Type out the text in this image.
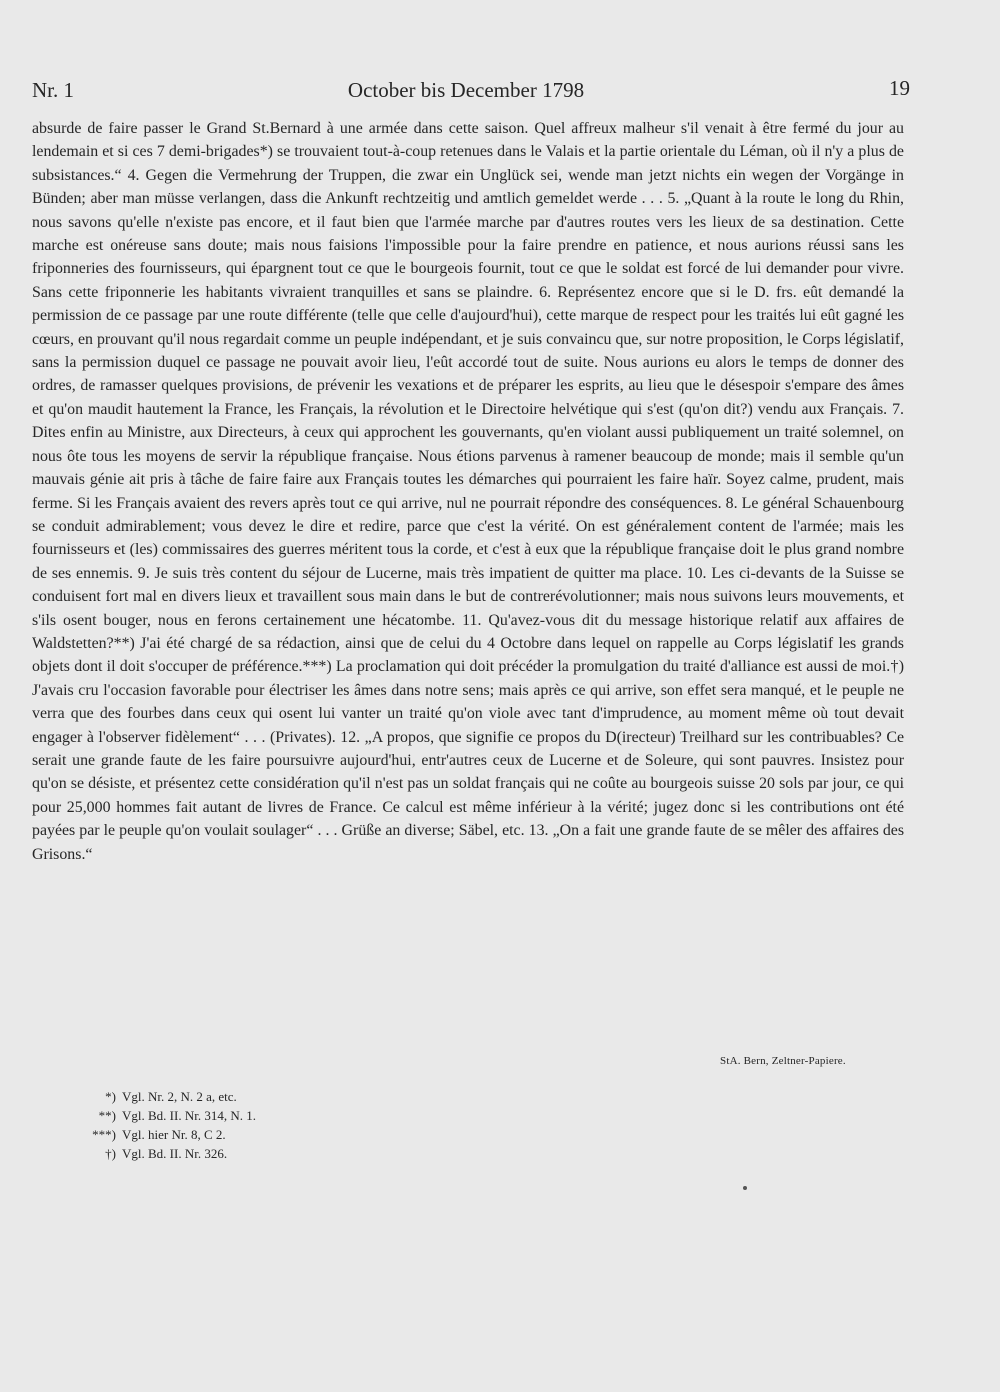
Nr. 1	October bis December 1798	19
absurde de faire passer le Grand St.Bernard à une armée dans cette saison. Quel affreux malheur s'il venait à être fermé du jour au lendemain et si ces 7 demi-brigades*) se trouvaient tout-à-coup retenues dans le Valais et la partie orientale du Léman, où il n'y a plus de subsistances.“ 4. Gegen die Vermehrung der Truppen, die zwar ein Unglück sei, wende man jetzt nichts ein wegen der Vorgänge in Bünden; aber man müsse verlangen, dass die Ankunft rechtzeitig und amtlich gemeldet werde . . . 5. „Quant à la route le long du Rhin, nous savons qu'elle n'existe pas encore, et il faut bien que l'armée marche par d'autres routes vers les lieux de sa destination. Cette marche est onéreuse sans doute; mais nous faisions l'impossible pour la faire prendre en patience, et nous aurions réussi sans les friponneries des fournisseurs, qui épargnent tout ce que le bourgeois fournit, tout ce que le soldat est forcé de lui demander pour vivre. Sans cette friponnerie les habitants vivraient tranquilles et sans se plaindre. 6. Représentez encore que si le D. frs. eût demandé la permission de ce passage par une route différente (telle que celle d'aujourd'hui), cette marque de respect pour les traités lui eût gagné les cœurs, en prouvant qu'il nous regardait comme un peuple indépendant, et je suis convaincu que, sur notre proposition, le Corps législatif, sans la permission duquel ce passage ne pouvait avoir lieu, l'eût accordé tout de suite. Nous aurions eu alors le temps de donner des ordres, de ramasser quelques provisions, de prévenir les vexations et de préparer les esprits, au lieu que le désespoir s'empare des âmes et qu'on maudit hautement la France, les Français, la révolution et le Directoire helvétique qui s'est (qu'on dit?) vendu aux Français. 7. Dites enfin au Ministre, aux Directeurs, à ceux qui approchent les gouvernants, qu'en violant aussi publiquement un traité solemnel, on nous ôte tous les moyens de servir la république française. Nous étions parvenus à ramener beaucoup de monde; mais il semble qu'un mauvais génie ait pris à tâche de faire faire aux Français toutes les démarches qui pourraient les faire haïr. Soyez calme, prudent, mais ferme. Si les Français avaient des revers après tout ce qui arrive, nul ne pourrait répondre des conséquences. 8. Le général Schauenbourg se conduit admirablement; vous devez le dire et redire, parce que c'est la vérité. On est généralement content de l'armée; mais les fournisseurs et (les) commissaires des guerres méritent tous la corde, et c'est à eux que la république française doit le plus grand nombre de ses ennemis. 9. Je suis très content du séjour de Lucerne, mais très impatient de quitter ma place. 10. Les ci-devants de la Suisse se conduisent fort mal en divers lieux et travaillent sous main dans le but de contrerévolutionner; mais nous suivons leurs mouvements, et s'ils osent bouger, nous en ferons certainement une hécatombe. 11. Qu'avez-vous dit du message historique relatif aux affaires de Waldstetten?**) J'ai été chargé de sa rédaction, ainsi que de celui du 4 Octobre dans lequel on rappelle au Corps législatif les grands objets dont il doit s'occuper de préférence.***) La proclamation qui doit précéder la promulgation du traité d'alliance est aussi de moi.†) J'avais cru l'occasion favorable pour électriser les âmes dans notre sens; mais après ce qui arrive, son effet sera manqué, et le peuple ne verra que des fourbes dans ceux qui osent lui vanter un traité qu'on viole avec tant d'imprudence, au moment même où tout devait engager à l'observer fidèlement“ . . . (Privates). 12. „A propos, que signifie ce propos du D(irecteur) Treilhard sur les contribuables? Ce serait une grande faute de les faire poursuivre aujourd'hui, entr'autres ceux de Lucerne et de Soleure, qui sont pauvres. Insistez pour qu'on se désiste, et présentez cette considération qu'il n'est pas un soldat français qui ne coûte au bourgeois suisse 20 sols par jour, ce qui pour 25,000 hommes fait autant de livres de France. Ce calcul est même inférieur à la vérité; jugez donc si les contributions ont été payées par le peuple qu'on voulait soulager“ . . . Grüße an diverse; Säbel, etc. 13. „On a fait une grande faute de se mêler des affaires des Grisons.“
StA. Bern, Zeltner-Papiere.
*) Vgl. Nr. 2, N. 2 a, etc.
**) Vgl. Bd. II. Nr. 314, N. 1.
***) Vgl. hier Nr. 8, C 2.
†) Vgl. Bd. II. Nr. 326.
